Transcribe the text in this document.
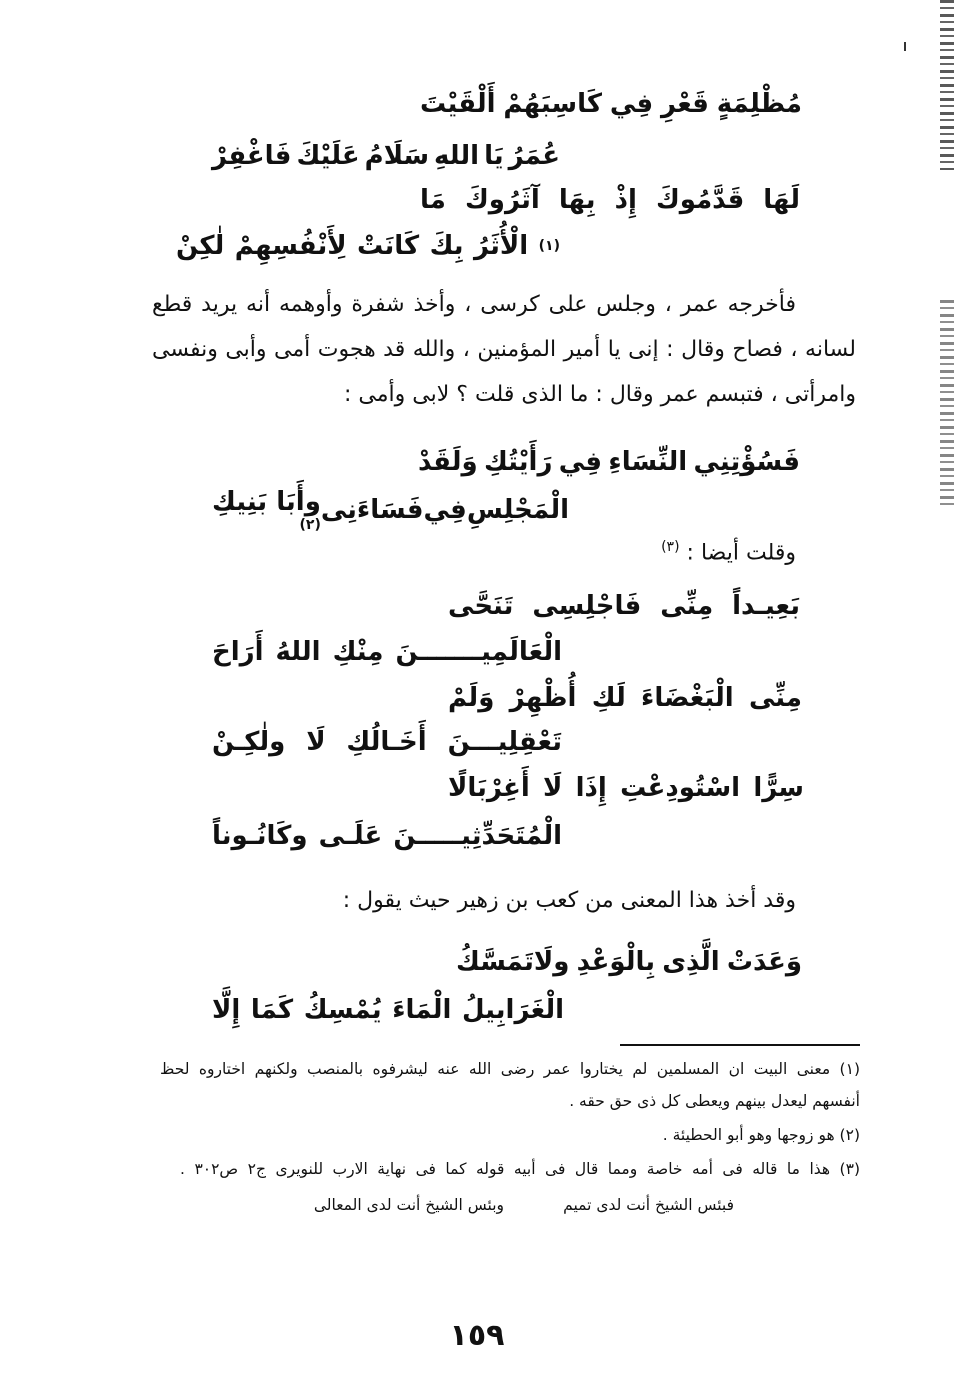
أَلْقَيْتَ كَاسِبَهُمْ فِي قَعْرِ مُظْلِمَةٍ
فَاغْفِرْ عَلَيْكَ سَلَامُ اللهِ يَا عُمَرُ
مَا آثَرُوكَ بِهَا إِذْ قَدَّمُوكَ لَهَا
لٰكِنْ لِأَنْفُسِهِمْ كَانَتْ بِكَ الْأُثَرُ (١)
فأخرجه عمر ، وجلس على كرسى ، وأخذ شفرة وأوهمه أنه يريد قطع
لسانه ، فصاح وقال : إنى يا أمير المؤمنين ، والله قد هجوت أمى وأبى ونفسى
وامرأتى ، فتبسم عمر وقال : ما الذى قلت ؟ لابى وأمى :
وَلَقَدْ رَأَيْتُكِ فِي النِّسَاءِ فَسُؤْتِنِي
وأَبَا بَنِيكِ
(٢) فَسَاءَنِى فِي الْمَجْلِسِ
وقلت أيضا : $^{(٣)}$
تَنَحَّى فَاجْلِسِى مِنِّى بَعِيـداً
أَرَاحَ اللهُ مِنْكِ الْعَالَمِيـــــــنَ
وَلَمْ أُظْهِرْ لَكِ الْبَغْضَاءَ مِنِّى
ولٰكِـنْ لَا أَخَـالُكِ تَعْقِلِيـــنَ
أَغِرْبَالًا لَا إِذَا اسْتُودِعْتِ سِرًّا
وكَانُـوناً عَلَـى الْمُتَحَدِّثِيـــــنَ
وقد أخذ هذا المعنى من كعب بن زهير حيث يقول :
ولَاتَمَسَّكُ بِالْوَعْدِ الَّذِى وَعَدَتْ
إِلَّا كَمَا يُمْسِكُ الْمَاءَ الْغَرَابِيلُ
(١) معنى البيت ان المسلمين لم يختاروا عمر رضى الله عنه ليشرفوه بالمنصب ولكنهم اختاروه لحظ
أنفسهم ليعدل بينهم ويعطى كل ذى حق حقه .
(٢) هو زوجها وهو أبو الحطيئة .
(٣) هذا ما قاله فى أمه خاصة ومما قال فى أبيه قوله كما فى نهاية الارب للنويرى ج٢ ص٣٠٢ .
فبئس الشيخ أنت لدى تميم
وبئس الشيخ أنت لدى المعالى
١٥٩
